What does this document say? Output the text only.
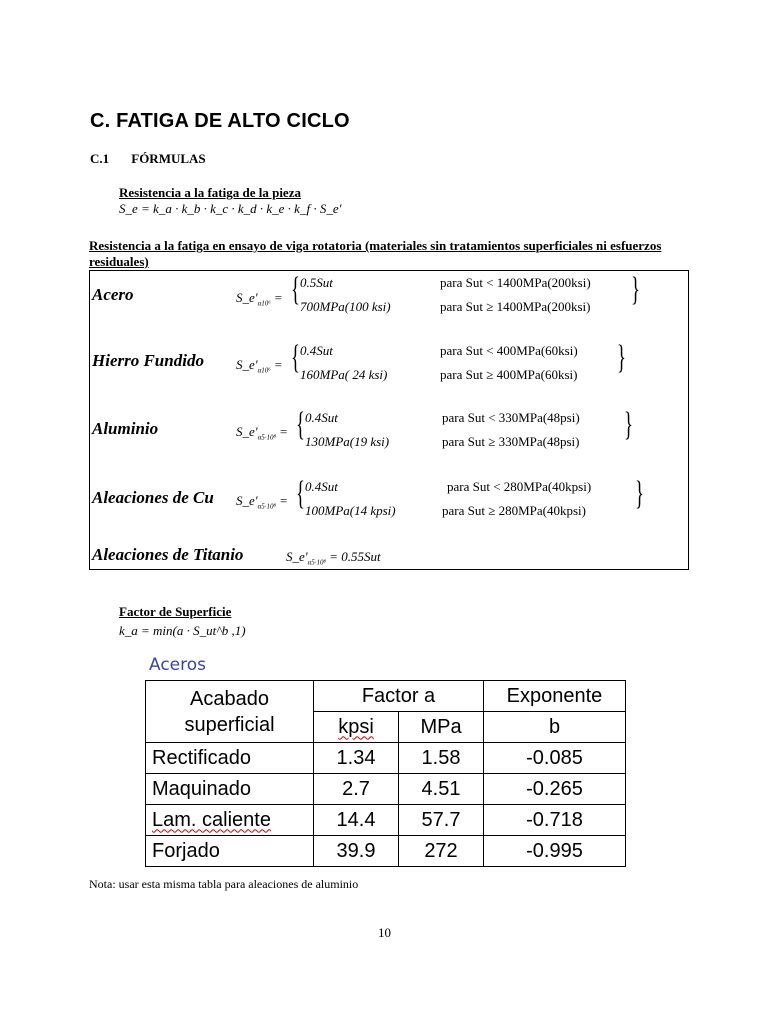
C. FATIGA DE ALTO CICLO
C.1 FÓRMULAS
Resistencia a la fatiga de la pieza
S_e = k_a · k_b · k_c · k_d · k_e · k_f · S_e'
Resistencia a la fatiga en ensayo de viga rotatoria (materiales sin tratamientos superficiales ni esfuerzos residuales)
Acero	$S\_e'_{\alpha 10^6}$ = { 0.5Sut	para Sut < 1400MPa(200ksi)
700MPa(100 ksi)	para Sut ≥ 1400MPa(200ksi) }
Hierro Fundido $S\_e'_{\alpha 10^6}$ = { 0.4Sut	para Sut < 400MPa(60ksi)
160MPa( 24 ksi)	para Sut ≥ 400MPa(60ksi) }
Aluminio	$S\_e'_{\alpha 5\cdot 10^8}$ = { 0.4Sut	para Sut < 330MPa(48psi)
130MPa(19 ksi)	para Sut ≥ 330MPa(48psi) }
Aleaciones de Cu $S\_e'_{\alpha 5\cdot 10^8}$ = { 0.4Sut	para Sut < 280MPa(40kpsi)
100MPa(14 kpsi)	para Sut ≥ 280MPa(40kpsi) }
Aleaciones de Titanio	$S\_e'_{\alpha 5\cdot 10^8} = 0.55Sut$
Factor de Superficie
k_a = min(a · S_ut^b ,1)
Aceros
Acabado superficial	Factor a		Exponente
	kpsi	MPa	b
Rectificado	1.34	1.58	-0.085
Maquinado	2.7	4.51	-0.265
Lam. caliente	14.4	57.7	-0.718
Forjado	39.9	272	-0.995
Nota: usar esta misma tabla para aleaciones de aluminio
10
